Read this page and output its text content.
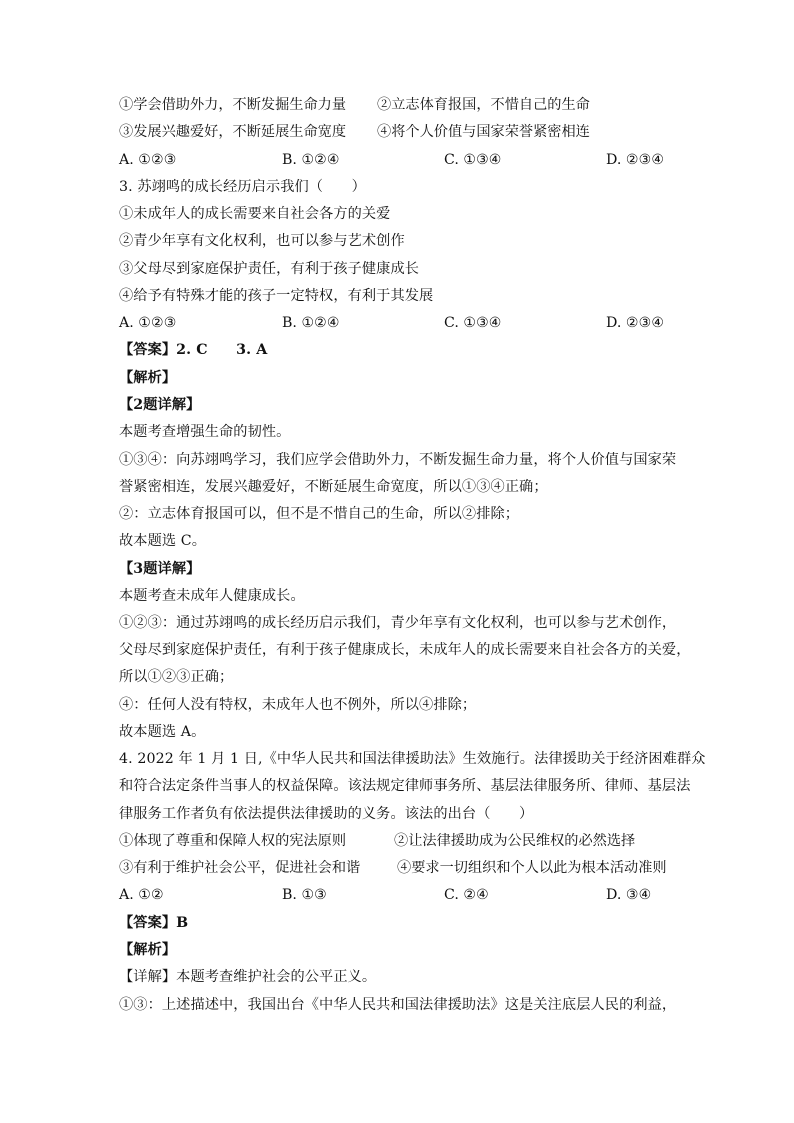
①学会借助外力，不断发掘生命力量 ②立志体育报国，不惜自己的生命
③发展兴趣爱好，不断延展生命宽度 ④将个人价值与国家荣誉紧密相连
A. ①②③	B. ①②④	C. ①③④	D. ②③④
3. 苏翊鸣的成长经历启示我们（　　）
①未成年人的成长需要来自社会各方的关爱
②青少年享有文化权利，也可以参与艺术创作
③父母尽到家庭保护责任，有利于孩子健康成长
④给予有特殊才能的孩子一定特权，有利于其发展
A. ①②③	B. ①②④	C. ①③④	D. ②③④
【答案】2. C　　3. A
【解析】
【2题详解】
本题考查增强生命的韧性。
①③④：向苏翊鸣学习，我们应学会借助外力，不断发掘生命力量，将个人价值与国家荣
誉紧密相连，发展兴趣爱好，不断延展生命宽度，所以①③④正确；
②：立志体育报国可以，但不是不惜自己的生命，所以②排除；
故本题选 C。
【3题详解】
本题考查未成年人健康成长。
①②③：通过苏翊鸣的成长经历启示我们，青少年享有文化权利，也可以参与艺术创作，
父母尽到家庭保护责任，有利于孩子健康成长，未成年人的成长需要来自社会各方的关爱，
所以①②③正确；
④：任何人没有特权，未成年人也不例外，所以④排除；
故本题选 A。
4. 2022 年 1 月 1 日,《中华人民共和国法律援助法》生效施行。法律援助关于经济困难群众
和符合法定条件当事人的权益保障。该法规定律师事务所、基层法律服务所、律师、基层法
律服务工作者负有依法提供法律援助的义务。该法的出台（　　）
①体现了尊重和保障人权的宪法原则	②让法律援助成为公民维权的必然选择
③有利于维护社会公平，促进社会和谐	④要求一切组织和个人以此为根本活动准则
A. ①②	B. ①③	C. ②④	D. ③④
【答案】B
【解析】
【详解】本题考查维护社会的公平正义。
①③：上述描述中，我国出台《中华人民共和国法律援助法》这是关注底层人民的利益，
